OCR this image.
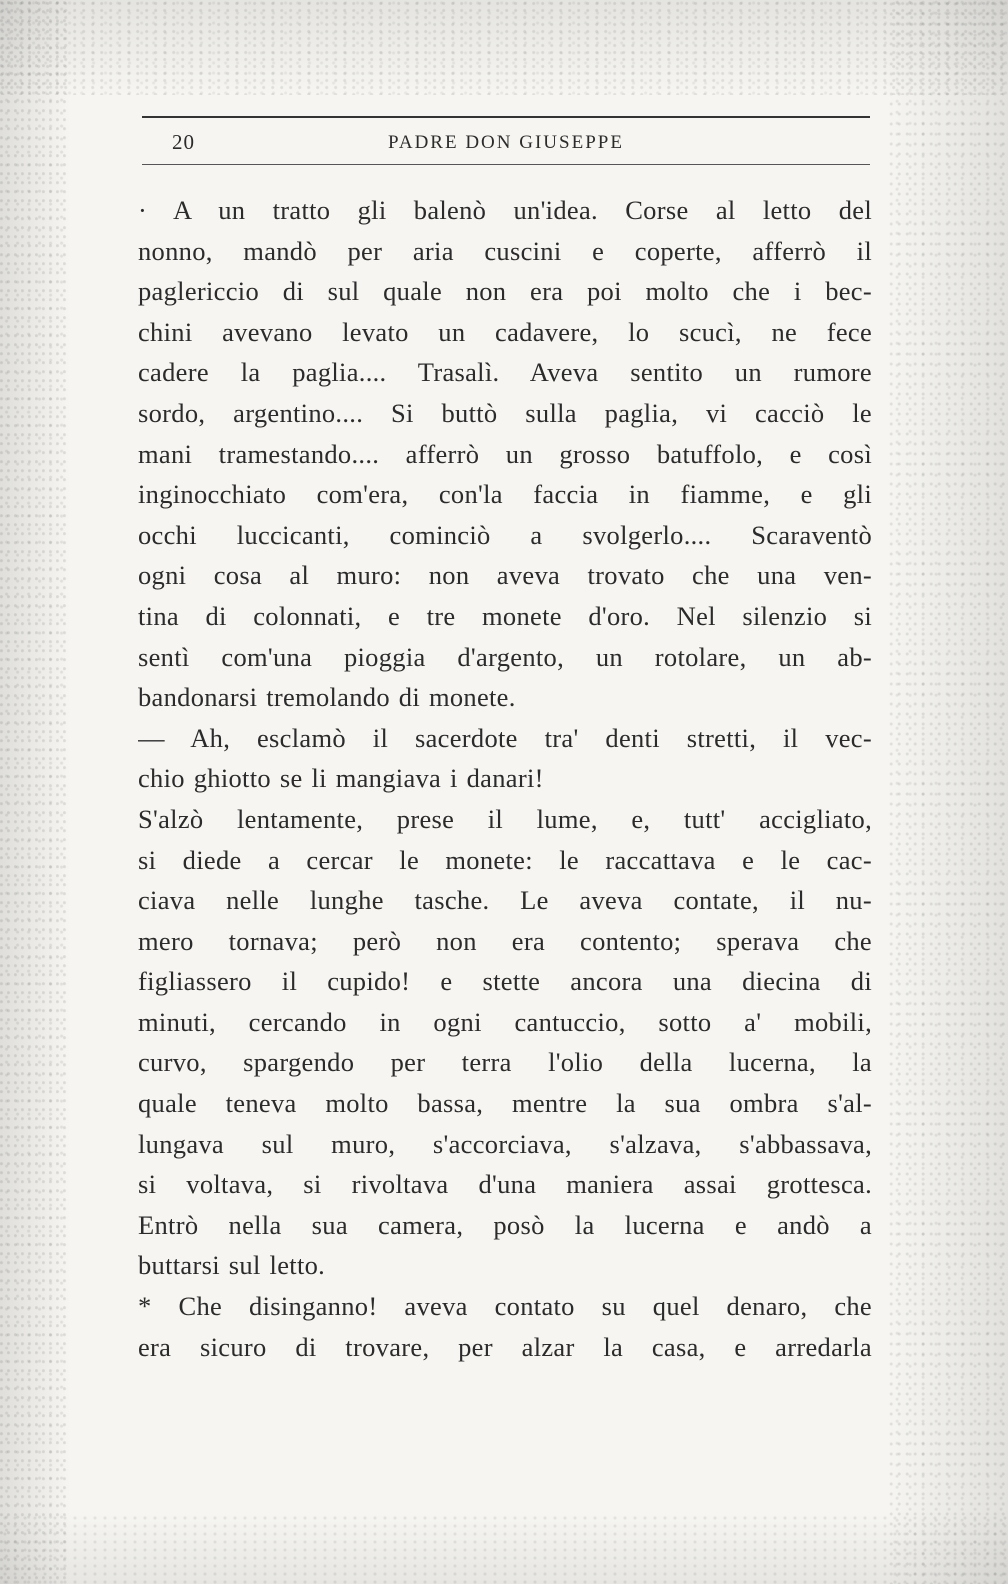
20	PADRE DON GIUSEPPE
· A un tratto gli balenò un'idea. Corse al letto del
nonno, mandò per aria cuscini e coperte, afferrò il
paglericcio di sul quale non era poi molto che i bec-
chini avevano levato un cadavere, lo scucì, ne fece
cadere la paglia.... Trasalì. Aveva sentito un rumore
sordo, argentino.... Si buttò sulla paglia, vi cacciò le
mani tramestando.... afferrò un grosso batuffolo, e così
inginocchiato com'era, con'la faccia in fiamme, e gli
occhi luccicanti, cominciò a svolgerlo.... Scaraventò
ogni cosa al muro: non aveva trovato che una ven-
tina di colonnati, e tre monete d'oro. Nel silenzio si
sentì com'una pioggia d'argento, un rotolare, un ab-
bandonarsi tremolando di monete.
— Ah, esclamò il sacerdote tra' denti stretti, il vec-
chio ghiotto se li mangiava i danari!
S'alzò lentamente, prese il lume, e, tutt' accigliato,
si diede a cercar le monete: le raccattava e le cac-
ciava nelle lunghe tasche. Le aveva contate, il nu-
mero tornava; però non era contento; sperava che
figliassero il cupido! e stette ancora una diecina di
minuti, cercando in ogni cantuccio, sotto a' mobili,
curvo, spargendo per terra l'olio della lucerna, la
quale teneva molto bassa, mentre la sua ombra s'al-
lungava sul muro, s'accorciava, s'alzava, s'abbassava,
si voltava, si rivoltava d'una maniera assai grottesca.
Entrò nella sua camera, posò la lucerna e andò a
buttarsi sul letto.
* Che disinganno! aveva contato su quel denaro, che
era sicuro di trovare, per alzar la casa, e arredarla
